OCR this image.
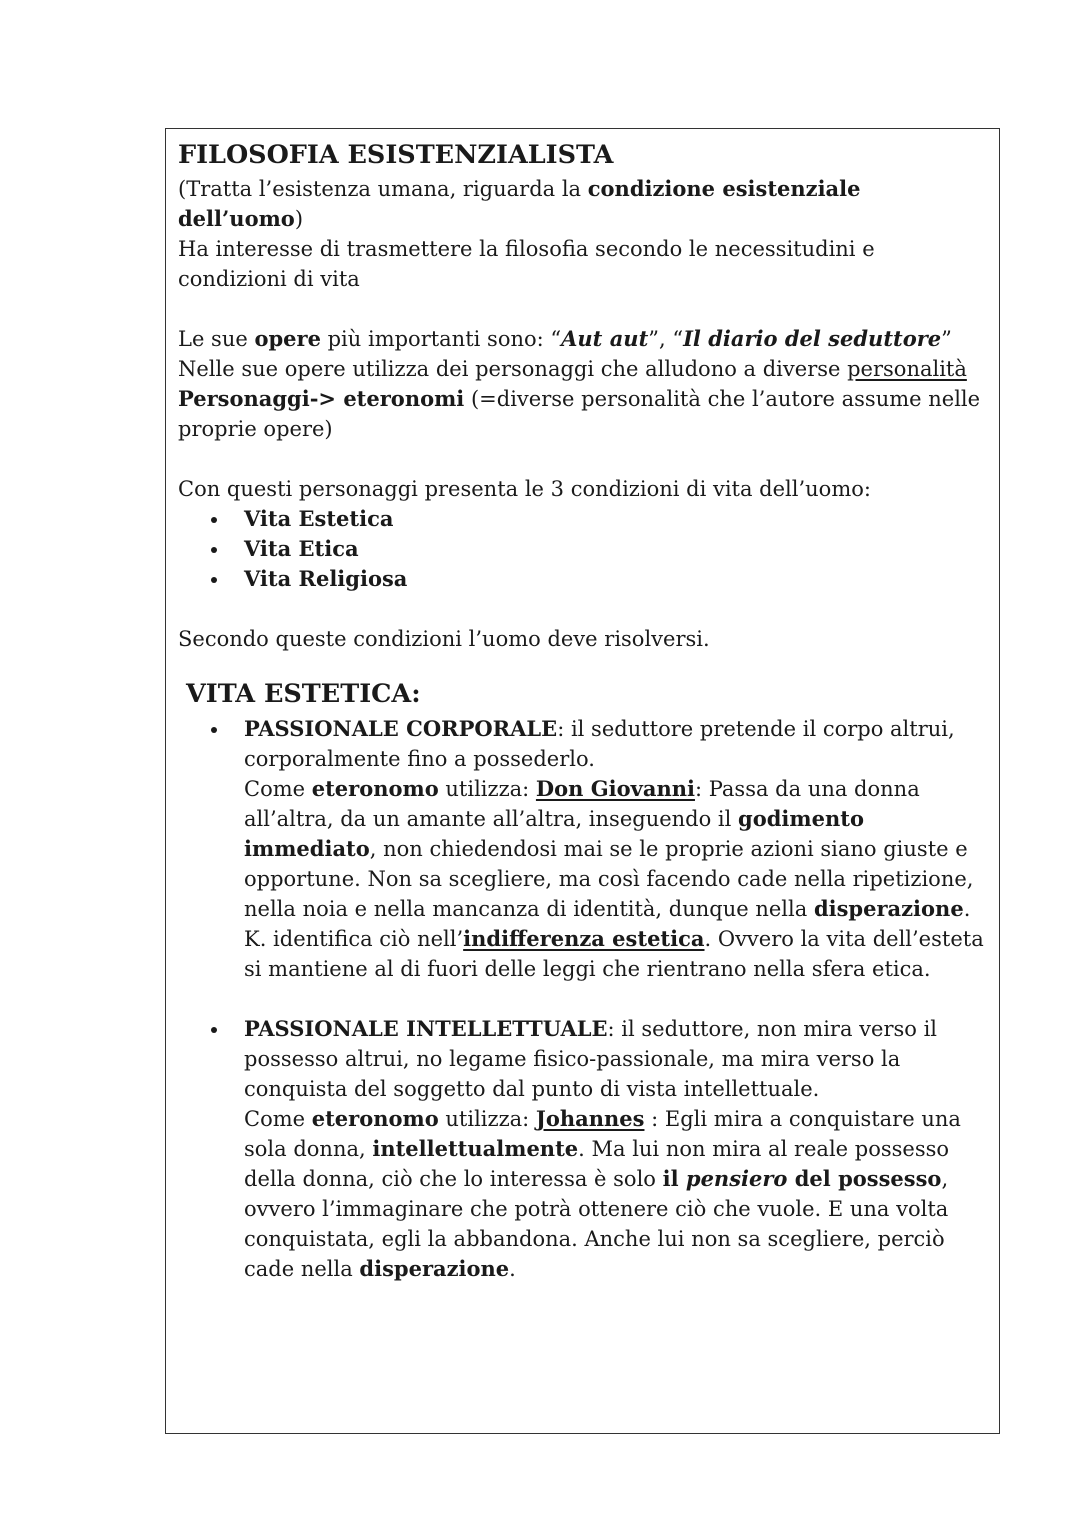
FILOSOFIA ESISTENZIALISTA

(Tratta l’esistenza umana, riguarda la condizione esistenziale dell’uomo)

Ha interesse di trasmettere la filosofia secondo le necessitudini e condizioni di vita

Le sue opere più importanti sono: “Aut aut”, “Il diario del seduttore”

Nelle sue opere utilizza dei personaggi che alludono a diverse personalità

Personaggi-> eteronomi (=diverse personalità che l’autore assume nelle proprie opere)

Con questi personaggi presenta le 3 condizioni di vita dell’uomo:

Vita Estetica
Vita Etica
Vita Religiosa

Secondo queste condizioni l’uomo deve risolversi.

VITA ESTETICA:

PASSIONALE CORPORALE: il seduttore pretende il corpo altrui, corporalmente fino a possederlo.

Come eteronomo utilizza: Don Giovanni: Passa da una donna all’altra, da un amante all’altra, inseguendo il godimento immediato, non chiedendosi mai se le proprie azioni siano giuste e opportune. Non sa scegliere, ma così facendo cade nella ripetizione, nella noia e nella mancanza di identità, dunque nella disperazione.

K. identifica ciò nell’indifferenza estetica. Ovvero la vita dell’esteta si mantiene al di fuori delle leggi che rientrano nella sfera etica.

PASSIONALE INTELLETTUALE: il seduttore, non mira verso il possesso altrui, no legame fisico-passionale, ma mira verso la conquista del soggetto dal punto di vista intellettuale.

Come eteronomo utilizza: Johannes : Egli mira a conquistare una sola donna, intellettualmente. Ma lui non mira al reale possesso della donna, ciò che lo interessa è solo il pensiero del possesso, ovvero l’immaginare che potrà ottenere ciò che vuole. E una volta conquistata, egli la abbandona. Anche lui non sa scegliere, perciò cade nella disperazione.
